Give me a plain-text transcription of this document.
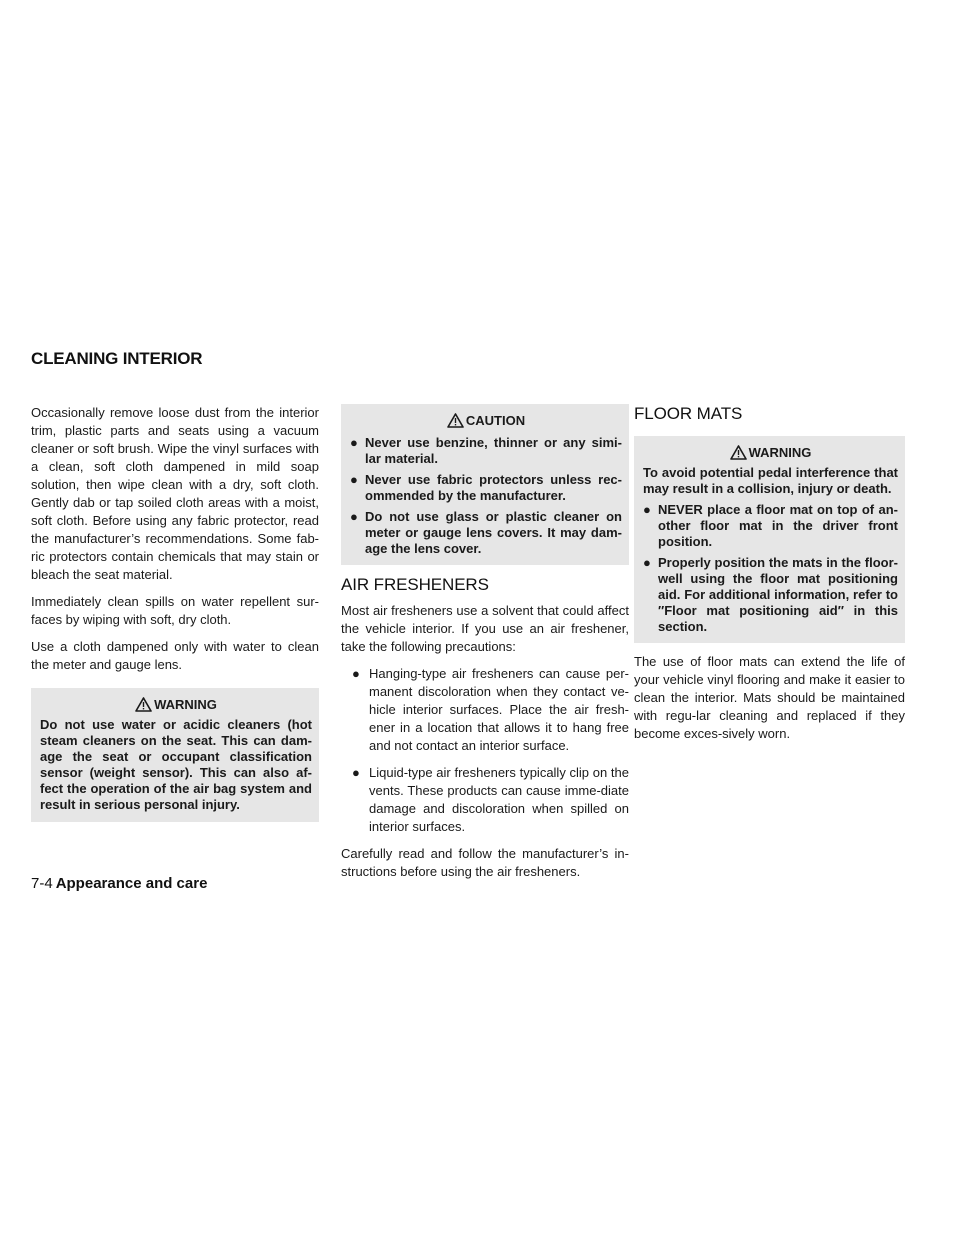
CLEANING INTERIOR

Occasionally remove loose dust from the interior trim, plastic parts and seats using a vacuum cleaner or soft brush. Wipe the vinyl surfaces with a clean, soft cloth dampened in mild soap solution, then wipe clean with a dry, soft cloth. Gently dab or tap soiled cloth areas with a moist, soft cloth. Before using any fabric protector, read the manufacturer’s recommendations. Some fab-ric protectors contain chemicals that may stain or bleach the seat material.

Immediately clean spills on water repellent sur-faces by wiping with soft, dry cloth.

Use a cloth dampened only with water to clean the meter and gauge lens.

WARNING

Do not use water or acidic cleaners (hot steam cleaners on the seat. This can dam-age the seat or occupant classification sensor (weight sensor). This can also af-fect the operation of the air bag system and result in serious personal injury.

CAUTION
● Never use benzine, thinner or any simi-lar material.
● Never use fabric protectors unless rec-ommended by the manufacturer.
● Do not use glass or plastic cleaner on meter or gauge lens covers. It may dam-age the lens cover.
AIR FRESHENERS

Most air fresheners use a solvent that could affect the vehicle interior. If you use an air freshener, take the following precautions:

● Hanging-type air fresheners can cause per-manent discoloration when they contact ve-hicle interior surfaces. Place the air fresh-ener in a location that allows it to hang free and not contact an interior surface.
● Liquid-type air fresheners typically clip on the vents. These products can cause imme-diate damage and discoloration when spilled on interior surfaces.

Carefully read and follow the manufacturer’s in-structions before using the air fresheners.

FLOOR MATS
WARNING

To avoid potential pedal interference that may result in a collision, injury or death.

● NEVER place a floor mat on top of an-other floor mat in the driver front position.
● Properly position the mats in the floor-well using the floor mat positioning aid. For additional information, refer to ″Floor mat positioning aid″ in this section.

The use of floor mats can extend the life of your vehicle vinyl flooring and make it easier to clean the interior. Mats should be maintained with regu-lar cleaning and replaced if they become exces-sively worn.

7-4 Appearance and care
